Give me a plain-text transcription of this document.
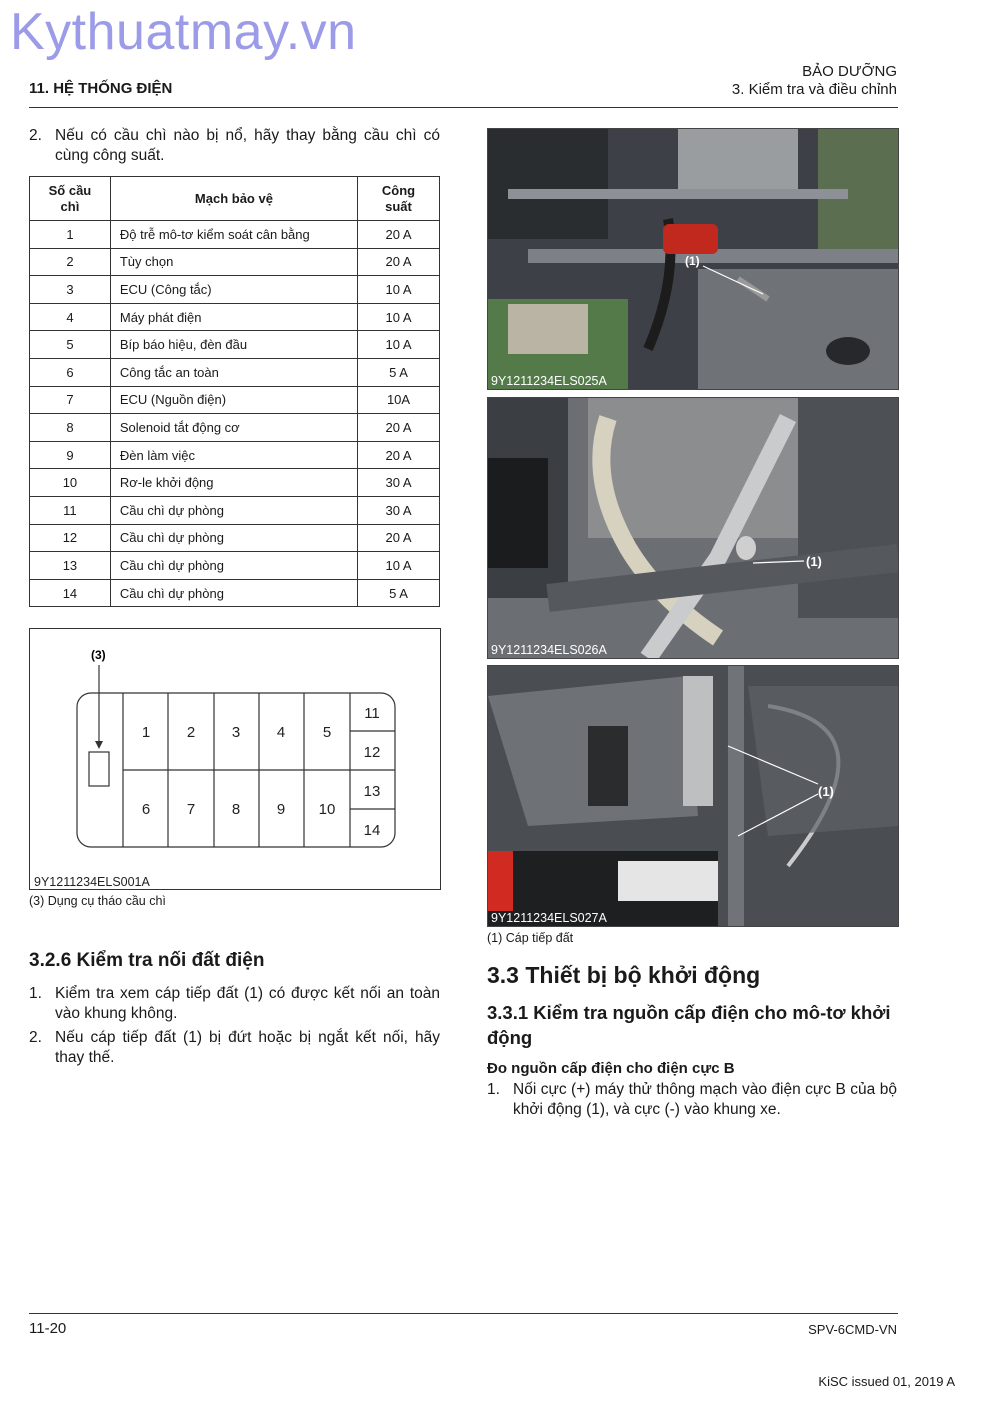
Kythuatmay.vn
11. HỆ THỐNG ĐIỆN
BẢO DƯỠNG
3. Kiểm tra và điều chỉnh
2. Nếu có cầu chì nào bị nổ, hãy thay bằng cầu chì có cùng công suất.
Số cầu chì	Mạch bảo vệ	Công suất
1	Độ trễ mô-tơ kiểm soát cân bằng	20 A
2	Tùy chọn	20 A
3	ECU (Công tắc)	10 A
4	Máy phát điện	10 A
5	Bíp báo hiệu, đèn đầu	10 A
6	Công tắc an toàn	5 A
7	ECU (Nguồn điện)	10A
8	Solenoid tắt động cơ	20 A
9	Đèn làm việc	20 A
10	Rơ-le khởi động	30 A
11	Cầu chì dự phòng	30 A
12	Cầu chì dự phòng	20 A
13	Cầu chì dự phòng	10 A
14	Cầu chì dự phòng	5 A
(3)
1 2 3 4	5
6 7 8 9 10
11
12
13
14
9Y1211234ELS001A
(3) Dụng cụ tháo cầu chì
3.2.6 Kiểm tra nối đất điện
1. Kiểm tra xem cáp tiếp đất (1) có được kết nối an toàn vào khung không.
2. Nếu cáp tiếp đất (1) bị đứt hoặc bị ngắt kết nối, hãy thay thế.
(1)
9Y1211234ELS025A
(1)
9Y1211234ELS026A
(1)
9Y1211234ELS027A
(1) Cáp tiếp đất
3.3 Thiết bị bộ khởi động
3.3.1 Kiểm tra nguồn cấp điện cho mô-tơ khởi động
Đo nguồn cấp điện cho điện cực B
1. Nối cực (+) máy thử thông mạch vào điện cực B của bộ khởi động (1), và cực (-) vào khung xe.
11-20	SPV-6CMD-VN
KiSC issued 01, 2019 A
